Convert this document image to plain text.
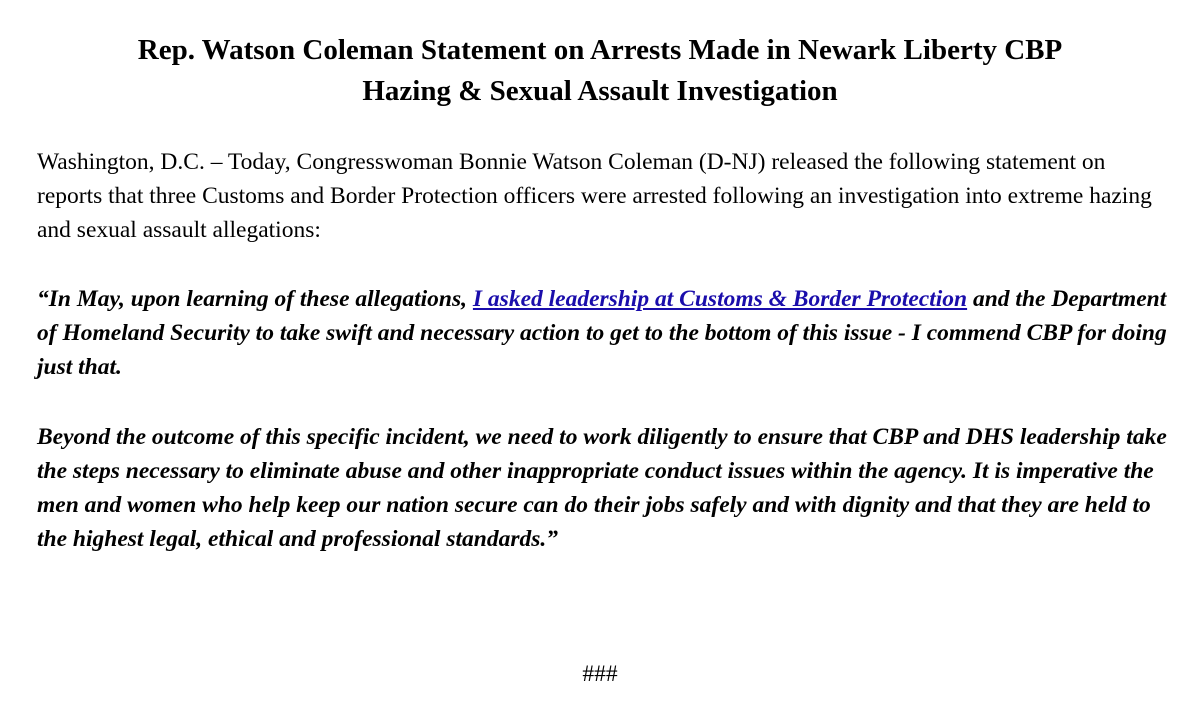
Rep. Watson Coleman Statement on Arrests Made in Newark Liberty CBP
Hazing & Sexual Assault Investigation

Washington, D.C. – Today, Congresswoman Bonnie Watson Coleman (D-NJ) released the following statement on reports that three Customs and Border Protection officers were arrested following an investigation into extreme hazing and sexual assault allegations:

“In May, upon learning of these allegations, I asked leadership at Customs & Border Protection and the Department of Homeland Security to take swift and necessary action to get to the bottom of this issue - I commend CBP for doing just that.

Beyond the outcome of this specific incident, we need to work diligently to ensure that CBP and DHS leadership take the steps necessary to eliminate abuse and other inappropriate conduct issues within the agency. It is imperative the men and women who help keep our nation secure can do their jobs safely and with dignity and that they are held to the highest legal, ethical and professional standards.”

###
